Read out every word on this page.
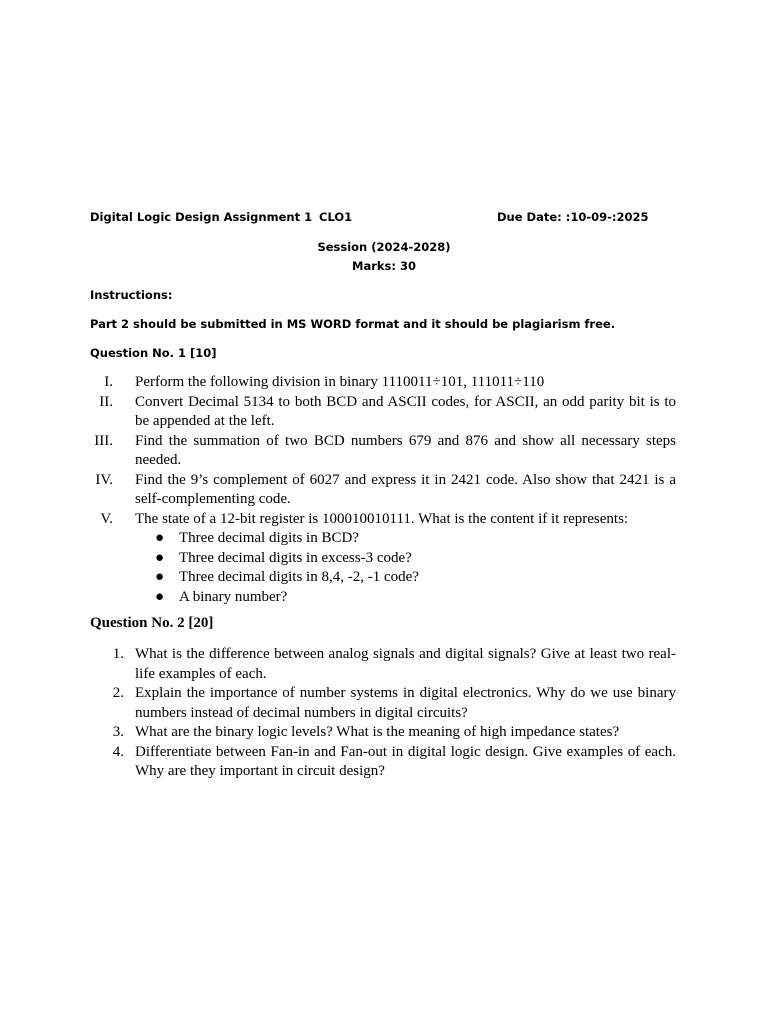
Digital Logic Design Assignment 1 CLO1	Due Date: :10-09-:2025
Session (2024-2028)
Marks: 30
Instructions:
Part 2 should be submitted in MS WORD format and it should be plagiarism free.
Question No. 1 [10]
I. Perform the following division in binary 1110011÷101, 111011÷110
II. Convert Decimal 5134 to both BCD and ASCII codes, for ASCII, an odd parity bit is to be appended at the left.
III. Find the summation of two BCD numbers 679 and 876 and show all necessary steps needed.
IV. Find the 9’s complement of 6027 and express it in 2421 code. Also show that 2421 is a self-complementing code.
V. The state of a 12-bit register is 100010010111. What is the content if it represents:
● Three decimal digits in BCD?
● Three decimal digits in excess-3 code?
● Three decimal digits in 8,4, -2, -1 code?
● A binary number?
Question No. 2 [20]
1. What is the difference between analog signals and digital signals? Give at least two real-life examples of each.
2. Explain the importance of number systems in digital electronics. Why do we use binary numbers instead of decimal numbers in digital circuits?
3. What are the binary logic levels? What is the meaning of high impedance states?
4. Differentiate between Fan-in and Fan-out in digital logic design. Give examples of each. Why are they important in circuit design?
